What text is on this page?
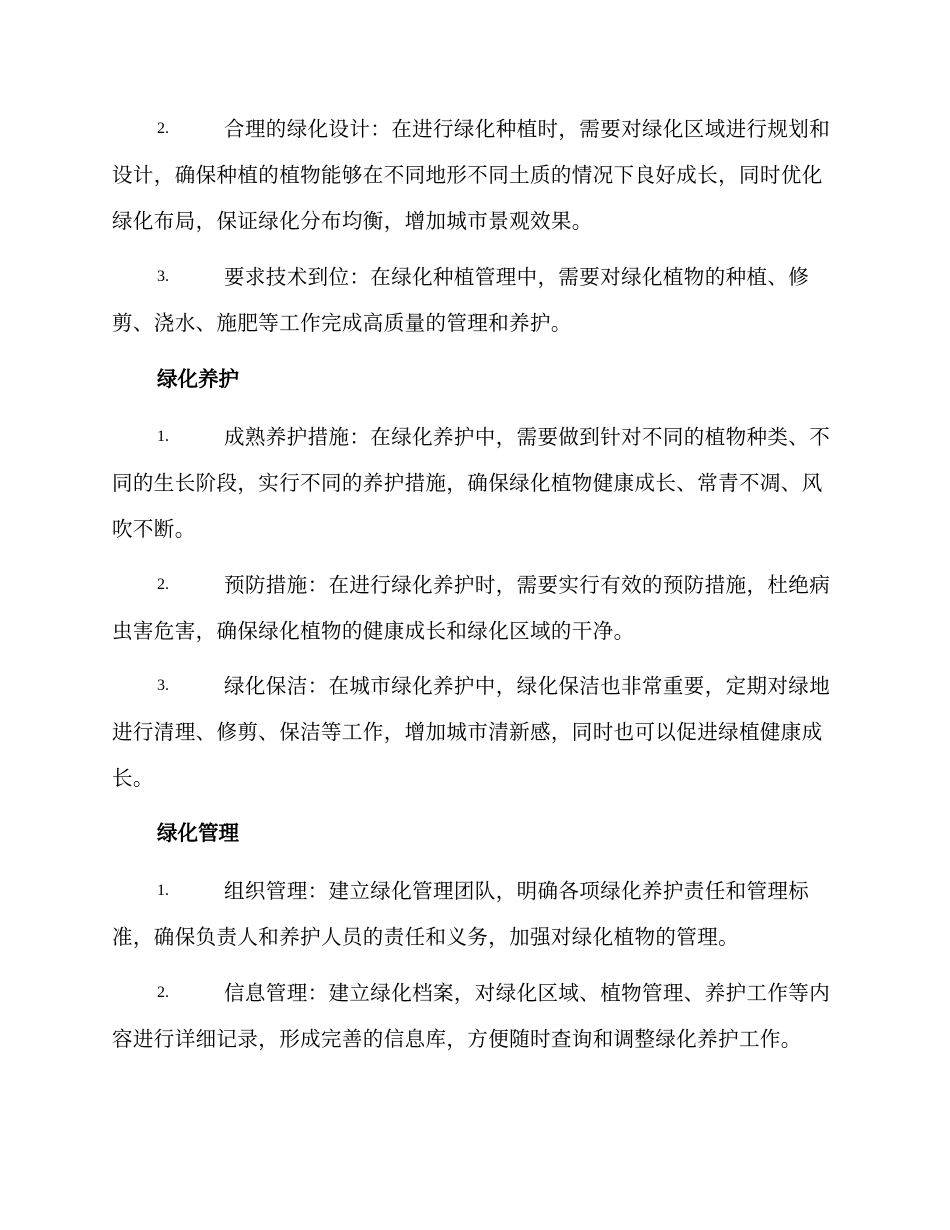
2.	合理的绿化设计：在进行绿化种植时，需要对绿化区域进行规划和设计，确保种植的植物能够在不同地形不同土质的情况下良好成长，同时优化绿化布局，保证绿化分布均衡，增加城市景观效果。
3.	要求技术到位：在绿化种植管理中，需要对绿化植物的种植、修剪、浇水、施肥等工作完成高质量的管理和养护。
绿化养护
1.	成熟养护措施：在绿化养护中，需要做到针对不同的植物种类、不同的生长阶段，实行不同的养护措施，确保绿化植物健康成长、常青不凋、风吹不断。
2.	预防措施：在进行绿化养护时，需要实行有效的预防措施，杜绝病虫害危害，确保绿化植物的健康成长和绿化区域的干净。
3.	绿化保洁：在城市绿化养护中，绿化保洁也非常重要，定期对绿地进行清理、修剪、保洁等工作，增加城市清新感，同时也可以促进绿植健康成长。
绿化管理
1.	组织管理：建立绿化管理团队，明确各项绿化养护责任和管理标准，确保负责人和养护人员的责任和义务，加强对绿化植物的管理。
2.	信息管理：建立绿化档案，对绿化区域、植物管理、养护工作等内容进行详细记录，形成完善的信息库，方便随时查询和调整绿化养护工作。
